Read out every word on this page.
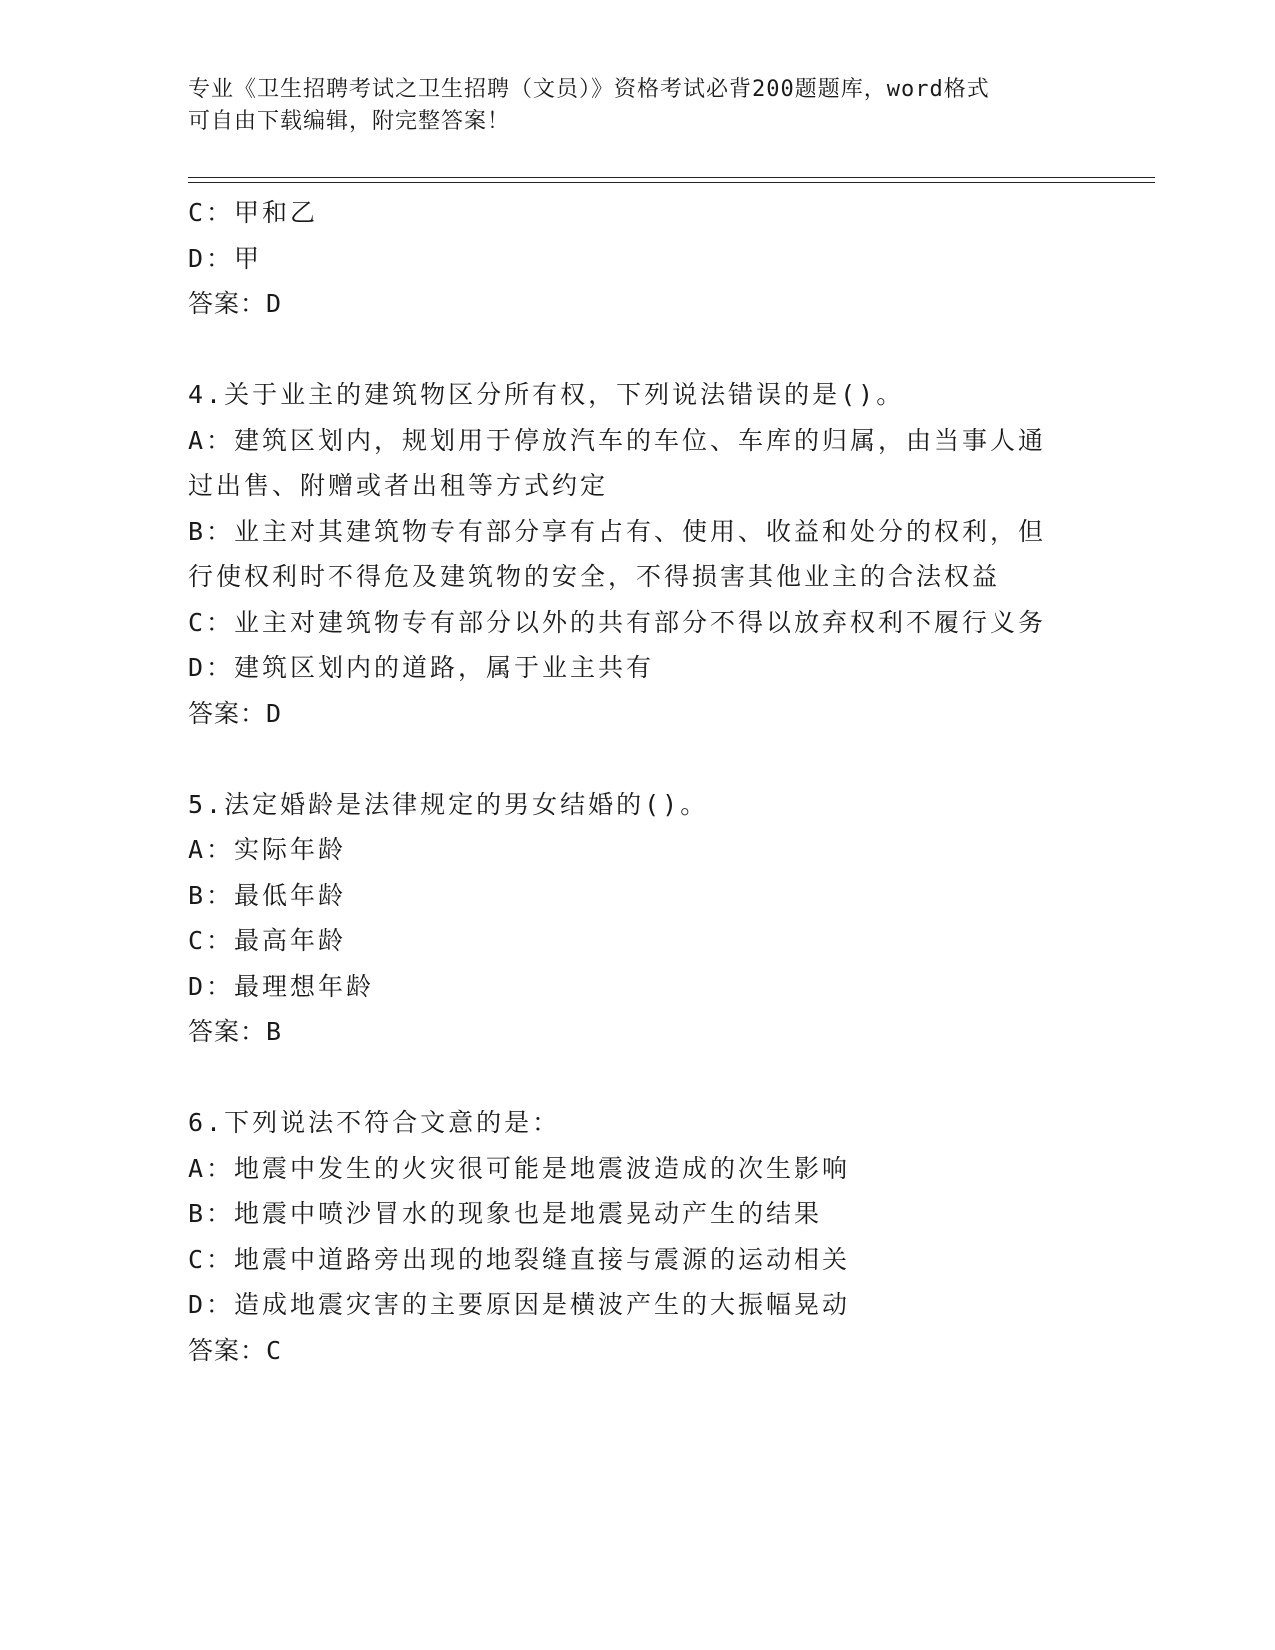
专业《卫生招聘考试之卫生招聘（文员）》资格考试必背200题题库，word格式
可自由下载编辑，附完整答案！

C：甲和乙

D：甲

答案：D

4.关于业主的建筑物区分所有权，下列说法错误的是()。

A：建筑区划内，规划用于停放汽车的车位、车库的归属，由当事人通

过出售、附赠或者出租等方式约定

B：业主对其建筑物专有部分享有占有、使用、收益和处分的权利，但

行使权利时不得危及建筑物的安全，不得损害其他业主的合法权益

C：业主对建筑物专有部分以外的共有部分不得以放弃权利不履行义务

D：建筑区划内的道路，属于业主共有

答案：D

5.法定婚龄是法律规定的男女结婚的()。

A：实际年龄

B：最低年龄

C：最高年龄

D：最理想年龄

答案：B

6.下列说法不符合文意的是：

A：地震中发生的火灾很可能是地震波造成的次生影响

B：地震中喷沙冒水的现象也是地震晃动产生的结果

C：地震中道路旁出现的地裂缝直接与震源的运动相关

D：造成地震灾害的主要原因是横波产生的大振幅晃动

答案：C
